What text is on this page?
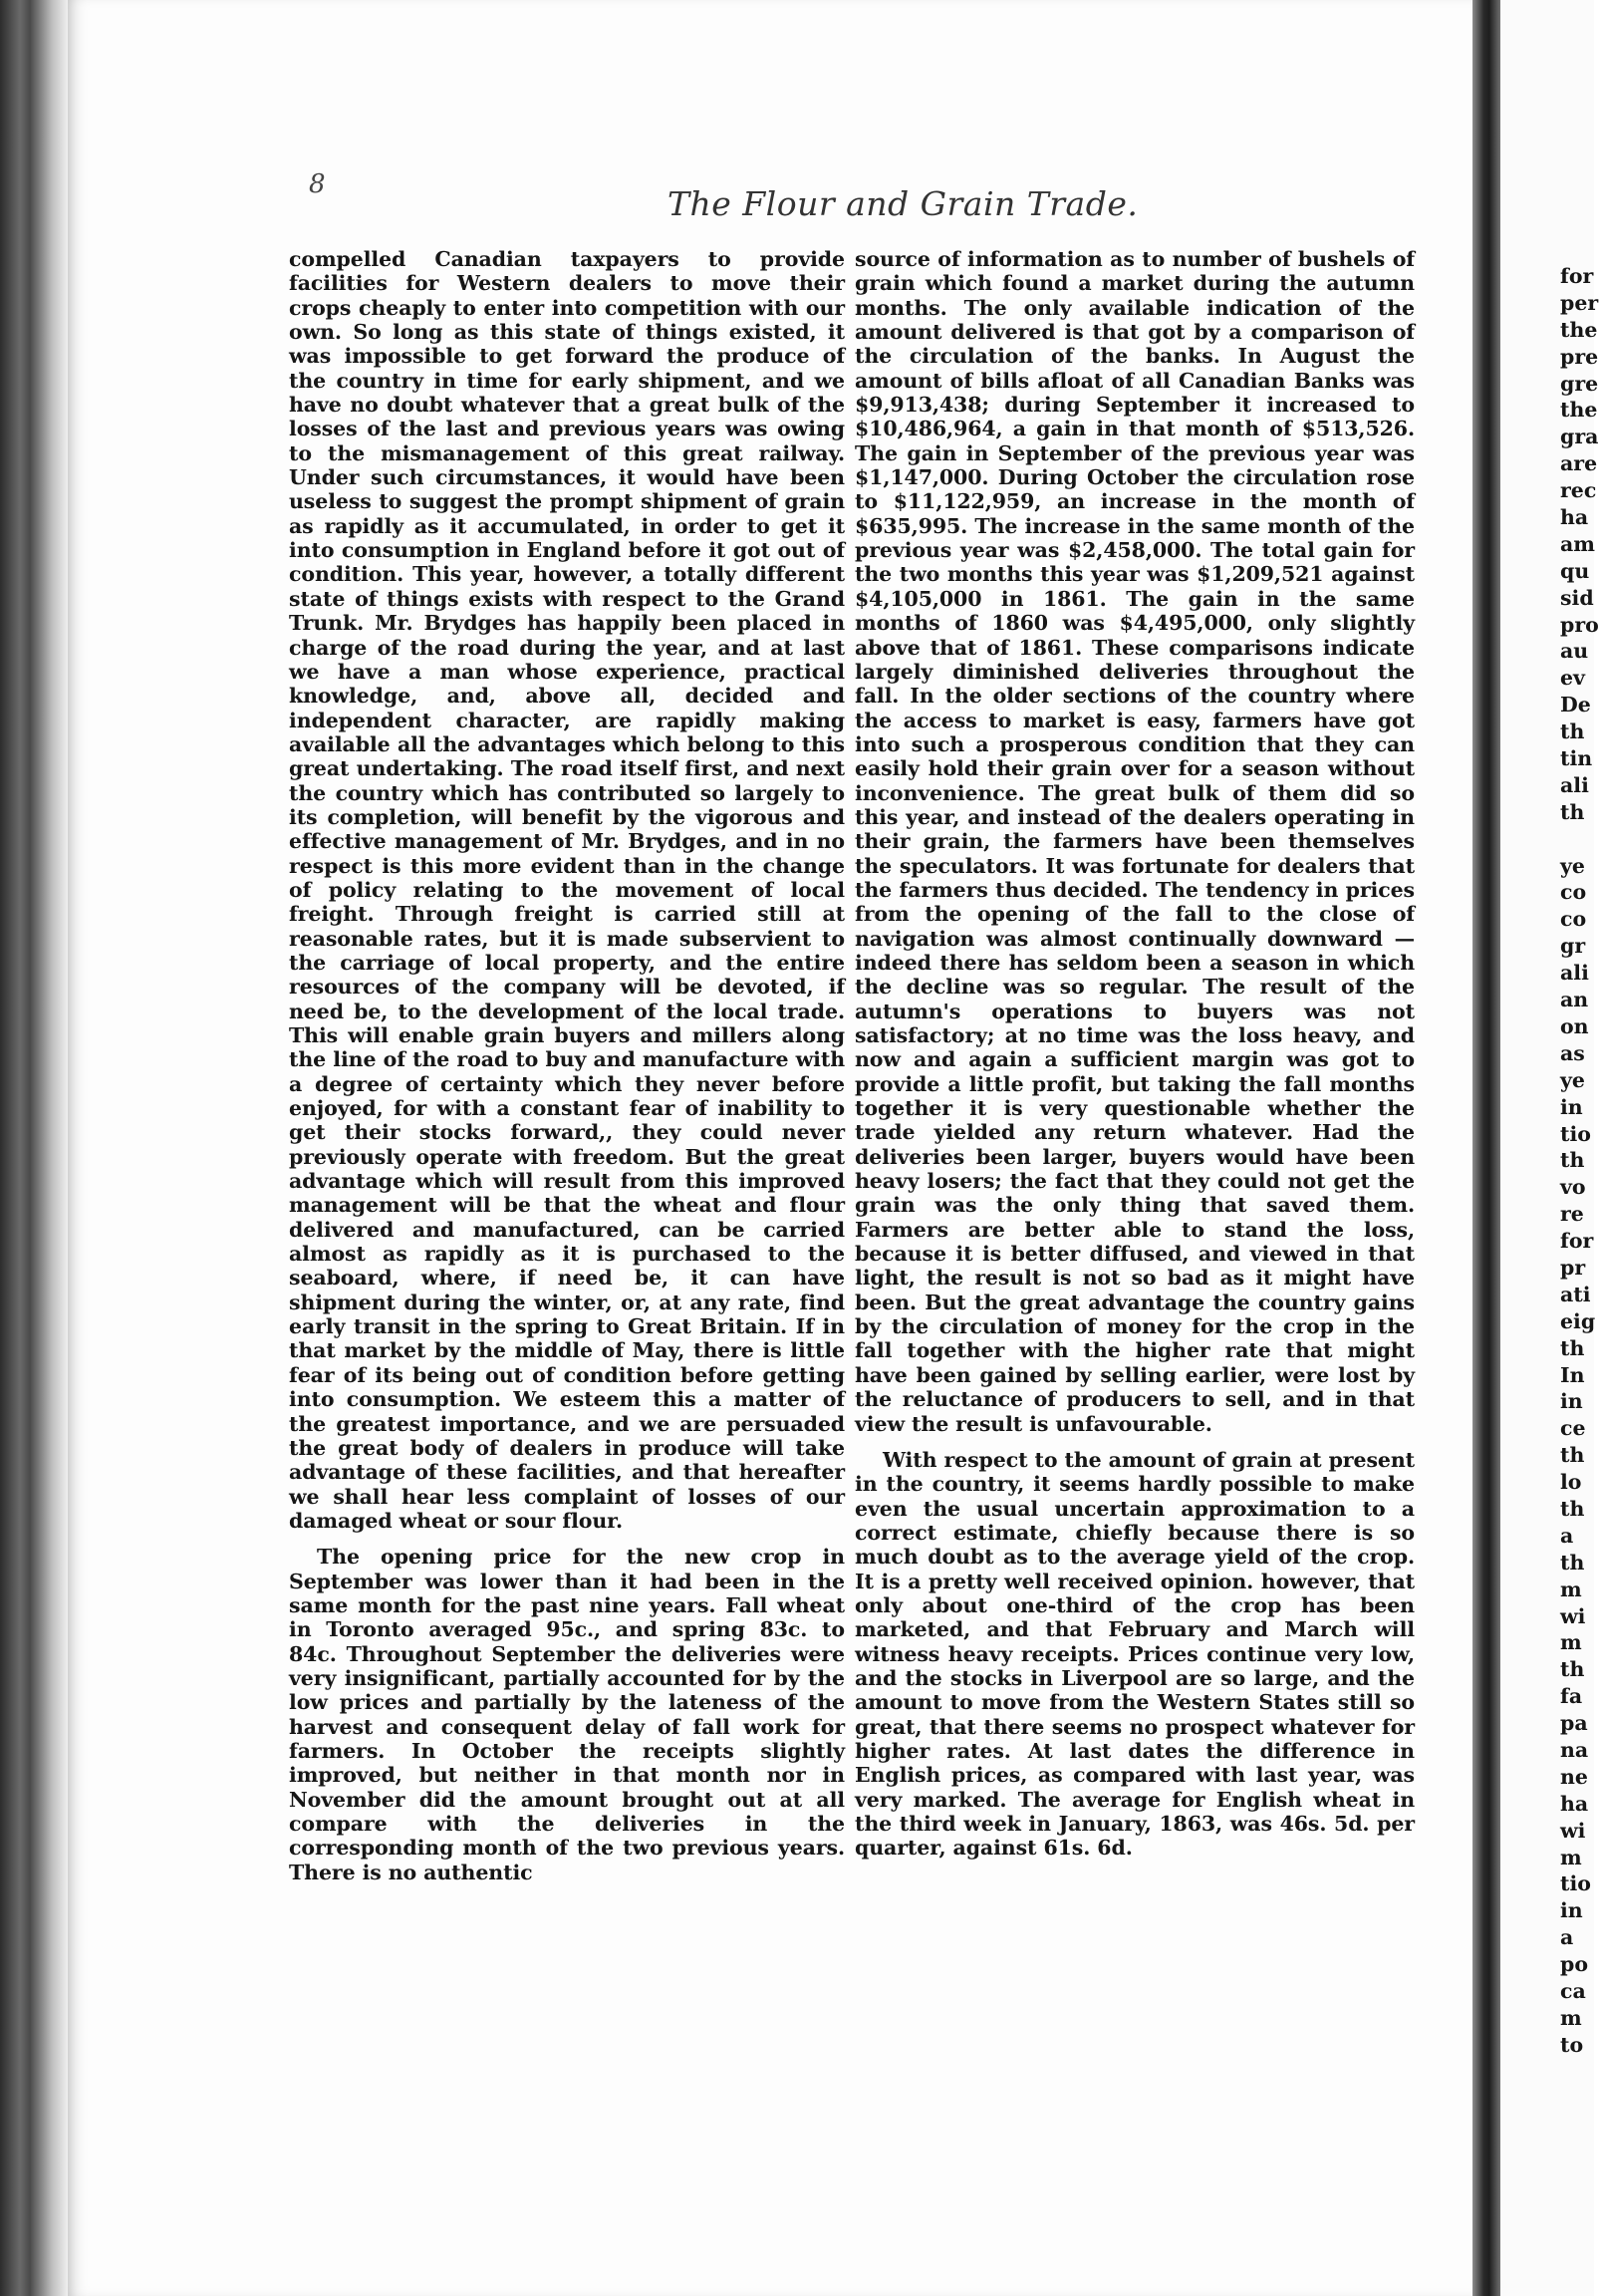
8	The Flour and Grain Trade.

compelled Canadian taxpayers to provide facilities for Western dealers to move their crops cheaply to enter into competition with our own. So long as this state of things existed, it was impossible to get forward the produce of the country in time for early shipment, and we have no doubt whatever that a great bulk of the losses of the last and previous years was owing to the mismanagement of this great railway. Under such circumstances, it would have been useless to suggest the prompt shipment of grain as rapidly as it accumulated, in order to get it into consumption in England before it got out of condition. This year, however, a totally different state of things exists with respect to the Grand Trunk. Mr. Brydges has happily been placed in charge of the road during the year, and at last we have a man whose experience, practical knowledge, and, above all, decided and independent character, are rapidly making available all the advantages which belong to this great undertaking. The road itself first, and next the country which has contributed so largely to its completion, will benefit by the vigorous and effective management of Mr. Brydges, and in no respect is this more evident than in the change of policy relating to the movement of local freight. Through freight is carried still at reasonable rates, but it is made subservient to the carriage of local property, and the entire resources of the company will be devoted, if need be, to the development of the local trade. This will enable grain buyers and millers along the line of the road to buy and manufacture with a degree of certainty which they never before enjoyed, for with a constant fear of inability to get their stocks forward,, they could never previously operate with freedom. But the great advantage which will result from this improved management will be that the wheat and flour delivered and manufactured, can be carried almost as rapidly as it is purchased to the seaboard, where, if need be, it can have shipment during the winter, or, at any rate, find early transit in the spring to Great Britain. If in that market by the middle of May, there is little fear of its being out of condition before getting into consumption. We esteem this a matter of the greatest importance, and we are persuaded the great body of dealers in produce will take advantage of these facilities, and that hereafter we shall hear less complaint of losses of our damaged wheat or sour flour.

The opening price for the new crop in September was lower than it had been in the same month for the past nine years. Fall wheat in Toronto averaged 95c., and spring 83c. to 84c. Throughout September the deliveries were very insignificant, partially accounted for by the low prices and partially by the lateness of the harvest and consequent delay of fall work for farmers. In October the receipts slightly improved, but neither in that month nor in November did the amount brought out at all compare with the deliveries in the corresponding month of the two previous years. There is no authentic

source of information as to number of bushels of grain which found a market during the autumn months. The only available indication of the amount delivered is that got by a comparison of the circulation of the banks. In August the amount of bills afloat of all Canadian Banks was $9,913,438; during September it increased to $10,486,964, a gain in that month of $513,526. The gain in September of the previous year was $1,147,000. During October the circulation rose to $11,122,959, an increase in the month of $635,995. The increase in the same month of the previous year was $2,458,000. The total gain for the two months this year was $1,209,521 against $4,105,000 in 1861. The gain in the same months of 1860 was $4,495,000, only slightly above that of 1861. These comparisons indicate largely diminished deliveries throughout the fall. In the older sections of the country where the access to market is easy, farmers have got into such a prosperous condition that they can easily hold their grain over for a season without inconvenience. The great bulk of them did so this year, and instead of the dealers operating in their grain, the farmers have been themselves the speculators. It was fortunate for dealers that the farmers thus decided. The tendency in prices from the opening of the fall to the close of navigation was almost continually downward —indeed there has seldom been a season in which the decline was so regular. The result of the autumn's operations to buyers was not satisfactory; at no time was the loss heavy, and now and again a sufficient margin was got to provide a little profit, but taking the fall months together it is very questionable whether the trade yielded any return whatever. Had the deliveries been larger, buyers would have been heavy losers; the fact that they could not get the grain was the only thing that saved them. Farmers are better able to stand the loss, because it is better diffused, and viewed in that light, the result is not so bad as it might have been. But the great advantage the country gains by the circulation of money for the crop in the fall together with the higher rate that might have been gained by selling earlier, were lost by the reluctance of producers to sell, and in that view the result is unfavourable.

With respect to the amount of grain at present in the country, it seems hardly possible to make even the usual uncertain approximation to a correct estimate, chiefly because there is so much doubt as to the average yield of the crop. It is a pretty well received opinion. however, that only about one-third of the crop has been marketed, and that February and March will witness heavy receipts. Prices continue very low, and the stocks in Liverpool are so large, and the amount to move from the Western States still so great, that there seems no prospect whatever for higher rates. At last dates the difference in English prices, as compared with last year, was very marked. The average for English wheat in the third week in January, 1863, was 46s. 5d. per quarter, against 61s. 6d.

for
per
the
pre
gre
the
gra
are
rec
ha
am
qu
sid
pro
au
ev
De
th
tin
ali
th
ye
co
co
gr
ali
an
on
as
ye
in
tio
th
vo
re
for
pr
ati
eig
th
In
in
ce
th
lo
th
a
th
m
wi
m
th
fa
pa
na
ne
ha
wi
m
tio
in
a
po
ca
m
to
